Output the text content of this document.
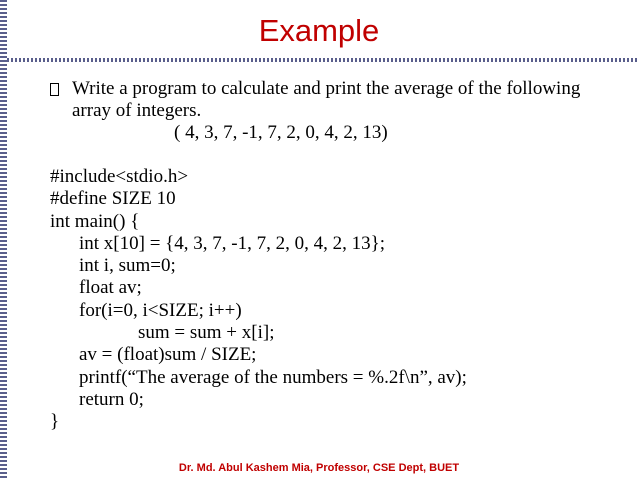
Example
Write a program to calculate and print the average of the following array of integers.
( 4, 3, 7, -1, 7, 2, 0, 4, 2, 13)
#include<stdio.h>
#define SIZE 10
int main() {
int x[10] = {4, 3, 7, -1, 7, 2, 0, 4, 2, 13};
int i, sum=0;
float av;
for(i=0, i<SIZE; i++)
sum = sum + x[i];
av = (float)sum / SIZE;
printf(“The average of the numbers = %.2f\n”, av);
return 0;
}
Dr. Md. Abul Kashem Mia, Professor, CSE Dept, BUET
